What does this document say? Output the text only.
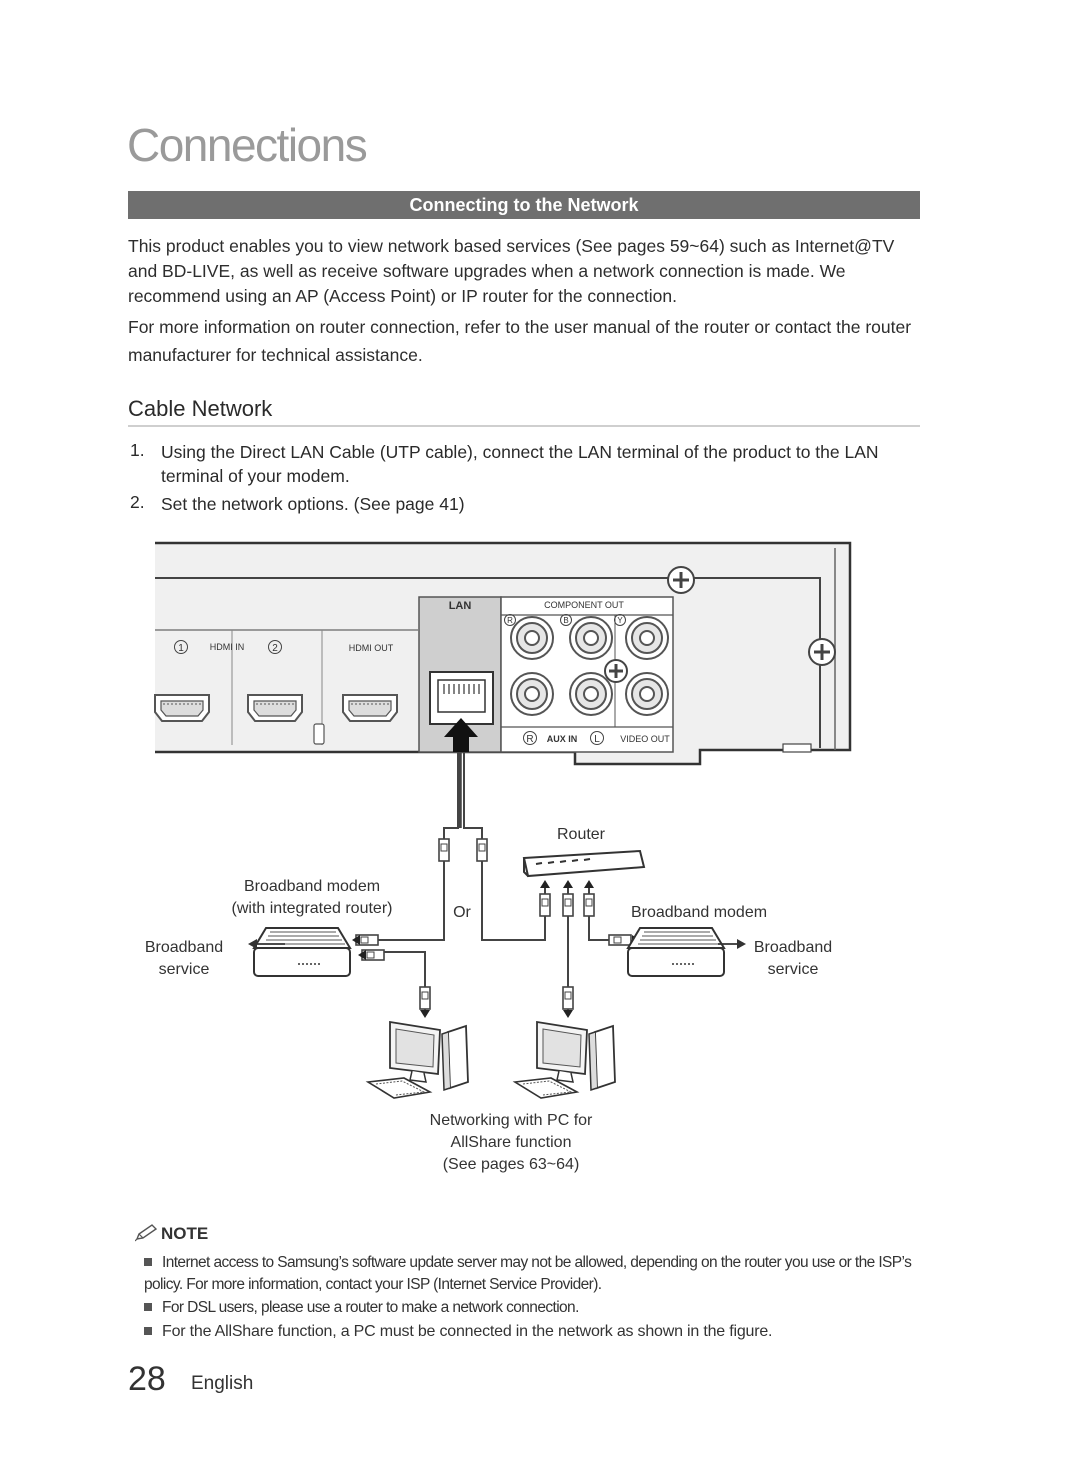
Connections
Connecting to the Network
This product enables you to view network based services (See pages 59~64) such as Internet@TV and BD-LIVE, as well as receive software upgrades when a network connection is made. We recommend using an AP (Access Point) or IP router for the connection.
For more information on router connection, refer to the user manual of the router or contact the router manufacturer for technical assistance.
Cable Network
1. Using the Direct LAN Cable (UTP cable), connect the LAN terminal of the product to the LAN terminal of your modem.
2. Set the network options. (See page 41)
LAN	COMPONENT OUT
HDMI IN	HDMI OUT
AUX IN	VIDEO OUT
1	2
R	L
R	B	Y
Router
Broadband modem
(with integrated router)	Or	Broadband modem
Broadband
service
Broadband
service
Networking with PC for
AllShare function
(See pages 63~64)
NOTE
Internet access to Samsung’s software update server may not be allowed, depending on the router you use or the ISP’s policy. For more information, contact your ISP (Internet Service Provider).
For DSL users, please use a router to make a network connection.
For the AllShare function, a PC must be connected in the network as shown in the figure.
28 English
